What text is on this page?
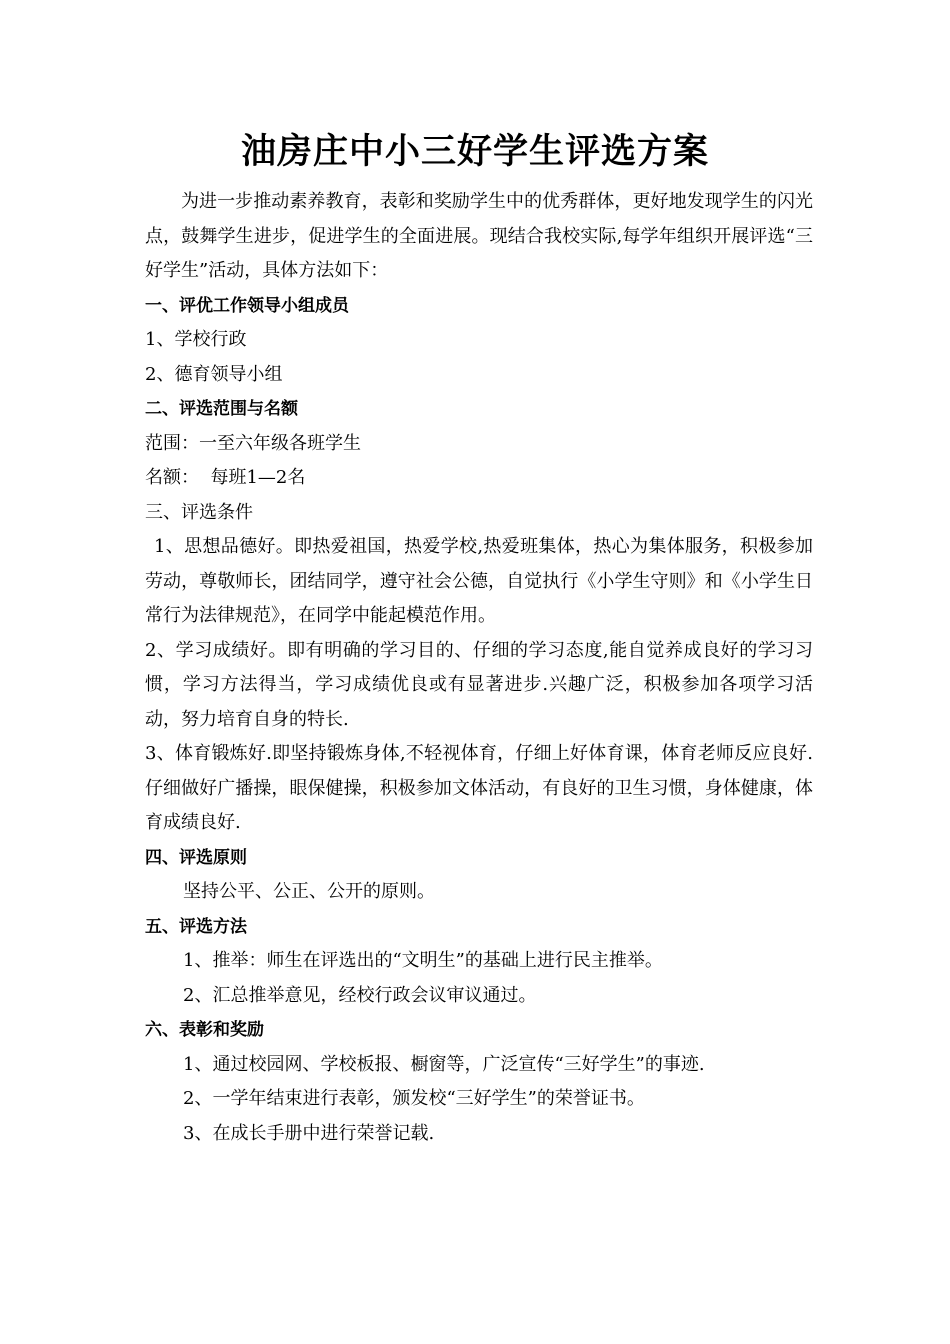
油房庄中小三好学生评选方案

为进一步推动素养教育，表彰和奖励学生中的优秀群体，更好地发现学生的闪光点，鼓舞学生进步，促进学生的全面进展。现结合我校实际,每学年组织开展评选“三好学生”活动，具体方法如下：

一、评优工作领导小组成员

1、学校行政

2、德育领导小组

二、评选范围与名额

范围：一至六年级各班学生

名额：  每班1—2名

三、评选条件

1、思想品德好。即热爱祖国，热爱学校,热爱班集体，热心为集体服务，积极参加劳动，尊敬师长，团结同学，遵守社会公德，自觉执行《小学生守则》和《小学生日常行为法律规范》，在同学中能起模范作用。

2、学习成绩好。即有明确的学习目的、仔细的学习态度,能自觉养成良好的学习习惯，学习方法得当，学习成绩优良或有显著进步.兴趣广泛，积极参加各项学习活动，努力培育自身的特长.

3、体育锻炼好.即坚持锻炼身体,不轻视体育，仔细上好体育课，体育老师反应良好.仔细做好广播操，眼保健操，积极参加文体活动，有良好的卫生习惯，身体健康，体育成绩良好.

四、评选原则

坚持公平、公正、公开的原则。

五、评选方法

1、推举：师生在评选出的“文明生”的基础上进行民主推举。

2、汇总推举意见，经校行政会议审议通过。

六、表彰和奖励

1、通过校园网、学校板报、橱窗等，广泛宣传“三好学生”的事迹.

2、一学年结束进行表彰，颁发校“三好学生”的荣誉证书。

3、在成长手册中进行荣誉记载.
